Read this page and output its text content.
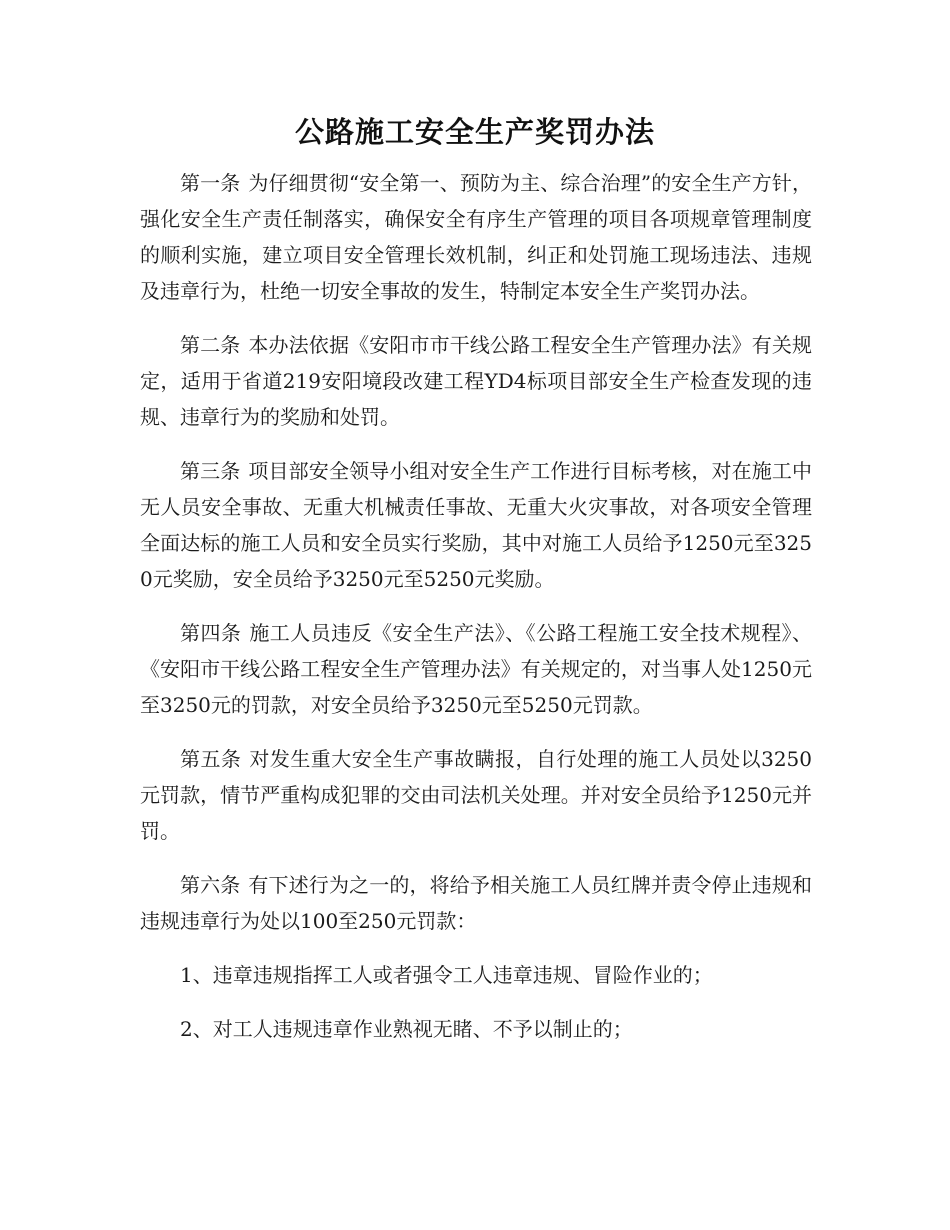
公路施工安全生产奖罚办法

第一条 为仔细贯彻“安全第一、预防为主、综合治理”的安全生产方针，强化安全生产责任制落实，确保安全有序生产管理的项目各项规章管理制度的顺利实施，建立项目安全管理长效机制，纠正和处罚施工现场违法、违规及违章行为，杜绝一切安全事故的发生，特制定本安全生产奖罚办法。

第二条 本办法依据《安阳市市干线公路工程安全生产管理办法》有关规定，适用于省道219安阳境段改建工程YD4标项目部安全生产检查发现的违规、违章行为的奖励和处罚。

第三条 项目部安全领导小组对安全生产工作进行目标考核，对在施工中无人员安全事故、无重大机械责任事故、无重大火灾事故，对各项安全管理全面达标的施工人员和安全员实行奖励，其中对施工人员给予1250元至3250元奖励，安全员给予3250元至5250元奖励。

第四条 施工人员违反《安全生产法》、《公路工程施工安全技术规程》、《安阳市干线公路工程安全生产管理办法》有关规定的，对当事人处1250元至3250元的罚款，对安全员给予3250元至5250元罚款。

第五条 对发生重大安全生产事故瞒报，自行处理的施工人员处以3250元罚款，情节严重构成犯罪的交由司法机关处理。并对安全员给予1250元并罚。

第六条 有下述行为之一的，将给予相关施工人员红牌并责令停止违规和违规违章行为处以100至250元罚款：

1、违章违规指挥工人或者强令工人违章违规、冒险作业的；

2、对工人违规违章作业熟视无睹、不予以制止的；
